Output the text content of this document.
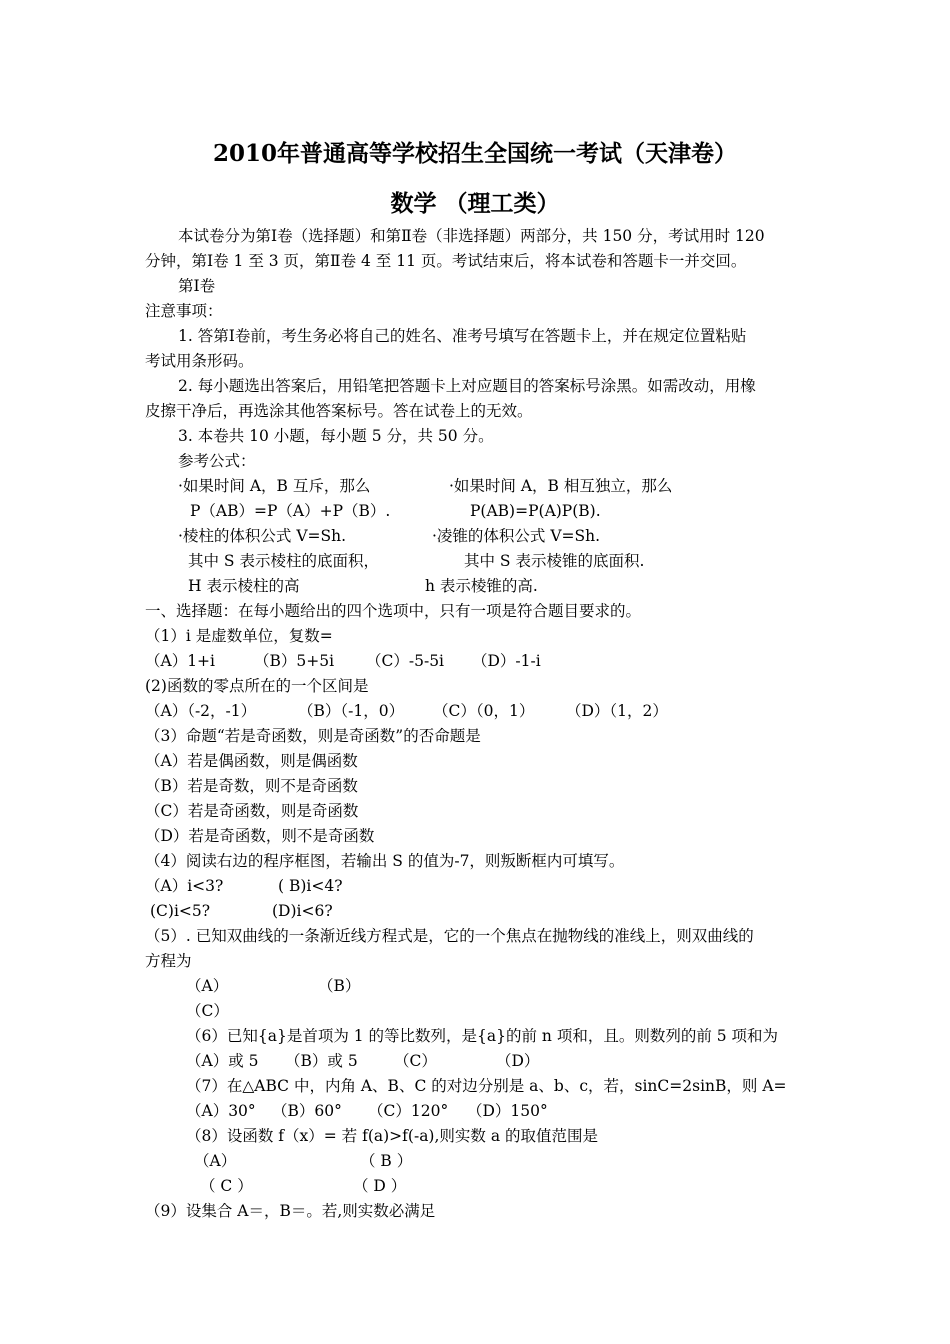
2010年普通高等学校招生全国统一考试（天津卷）
数学 （理工类）
本试卷分为第I卷（选择题）和第Ⅱ卷（非选择题）两部分，共 150 分，考试用时 120
分钟，第I卷 1 至 3 页，第Ⅱ卷 4 至 11 页。考试结束后，将本试卷和答题卡一并交回。
第I卷
注意事项：
1. 答第I卷前，考生务必将自己的姓名、准考号填写在答题卡上，并在规定位置粘贴
考试用条形码。
2. 每小题选出答案后，用铅笔把答题卡上对应题目的答案标号涂黑。如需改动，用橡
皮擦干净后，再选涂其他答案标号。答在试卷上的无效。
3. 本卷共 10 小题，每小题 5 分，共 50 分。
参考公式：
·如果时间 A，B 互斥，那么	·如果时间 A，B 相互独立，那么
P（AB）=P（A）+P（B）.	P(AB)=P(A)P(B).
·棱柱的体积公式 V=Sh.	·凌锥的体积公式 V=Sh.
其中 S 表示棱柱的底面积，	其中 S 表示棱锥的底面积.
H 表示棱柱的高	h 表示棱锥的高.
一、选择题：在每小题给出的四个选项中，只有一项是符合题目要求的。
（1）i 是虚数单位，复数=
（A）1+i	（B）5+5i （C）-5-5i （D）-1-i
(2)函数的零点所在的一个区间是
（A）（-2，-1）	（B）（-1，0） （C）（0，1） （D）（1，2）
（3）命题“若是奇函数，则是奇函数”的否命题是
（A）若是偶函数，则是偶函数
（B）若是奇数，则不是奇函数
（C）若是奇函数，则是奇函数
（D）若是奇函数，则不是奇函数
（4）阅读右边的程序框图，若输出 S 的值为-7，则叛断框内可填写。
（A）i<3?	( B)i<4?
(C)i<5?	(D)i<6?
（5）. 已知双曲线的一条渐近线方程式是，它的一个焦点在抛物线的准线上，则双曲线的
方程为
（A）	（B）
（C）
（6）已知{a}是首项为 1 的等比数列，是{a}的前 n 项和，且。则数列的前 5 项和为
（A）或 5 （B）或 5 （C）	（D）
（7）在△ABC 中，内角 A、B、C 的对边分别是 a、b、c，若，sinC=2sinB，则 A=
（A）30° （B）60° （C）120° （D）150°
（8）设函数 f（x）= 若 f(a)>f(-a),则实数 a 的取值范围是
（A）	（ B ）
（ C ）	（ D ）
（9）设集合 A＝，B＝。若,则实数必满足
